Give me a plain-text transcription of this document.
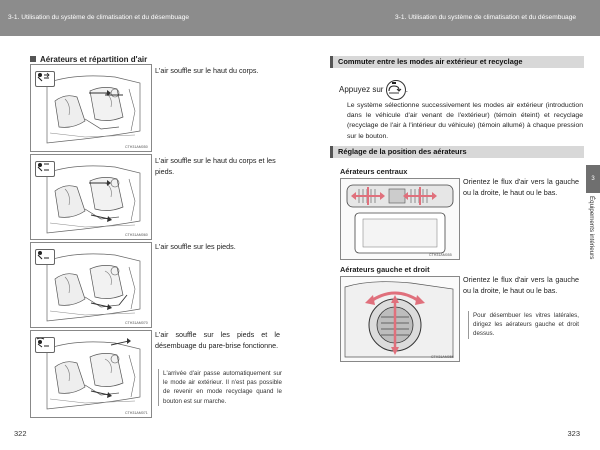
3-1. Utilisation du système de climatisation et du désembuage	3-1. Utilisation du système de climatisation et du désembuage
Aérateurs et répartition d'air
CTH31AM050
L'air souffle sur le haut du corps.
CTH31AM060
L'air souffle sur le haut du corps et les pieds.
CTH31AM070
L'air souffle sur les pieds.
CTH31AM071
L'air souffle sur les pieds et le désembuage du pare-brise fonctionne.
L'arrivée d'air passe automatiquement sur le mode air extérieur. Il n'est pas possible de revenir en mode recyclage quand le bouton est sur marche.
322
Commuter entre les modes air extérieur et recyclage
Appuyez sur	.
Le système sélectionne successivement les modes air extérieur (introduction dans le véhicule d'air venant de l'extérieur) (témoin éteint) et recyclage (recyclage de l'air à l'intérieur du véhicule) (témoin allumé) à chaque pression sur le bouton.
Réglage de la position des aérateurs
Aérateurs centraux
CTH31AM055
Orientez le flux d'air vers la gauche ou la droite, le haut ou le bas.
Aérateurs gauche et droit
CTH31AM056
Orientez le flux d'air vers la gauche ou la droite, le haut ou le bas.
Pour désembuer les vitres latérales, dirigez les aérateurs gauche et droit dessus.
3
Équipements intérieurs
323
